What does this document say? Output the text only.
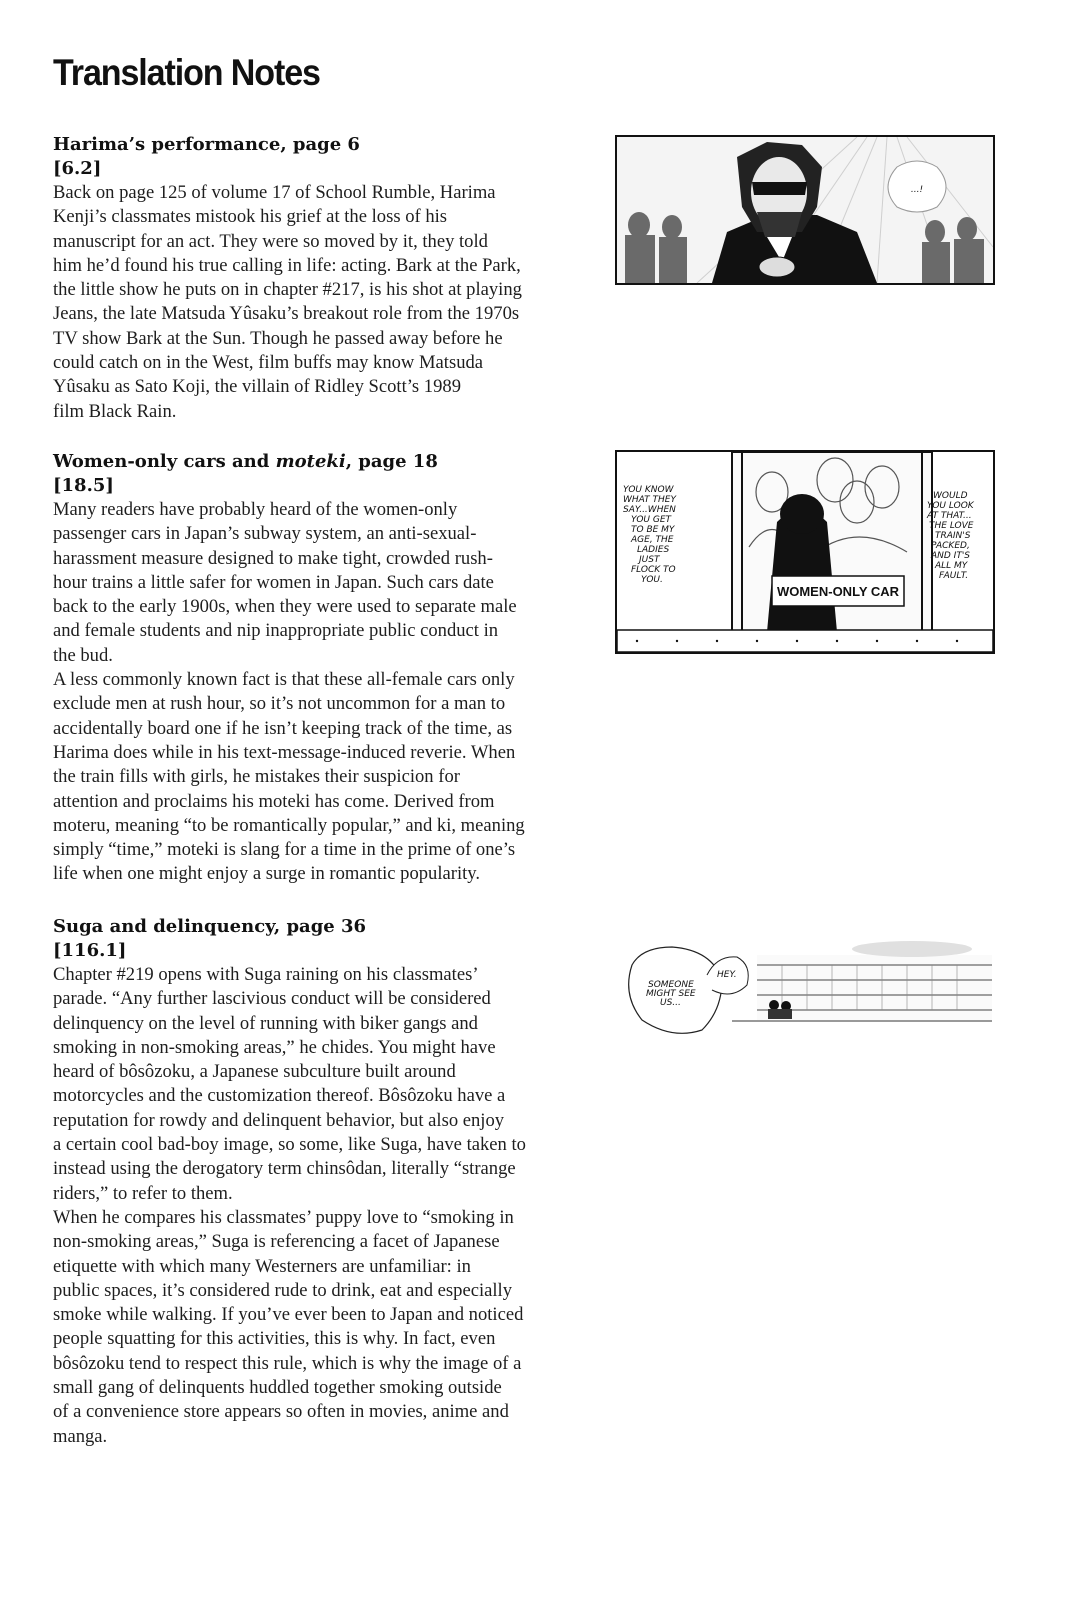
Translation Notes
Harima’s performance, page 6
[6.2]

Back on page 125 of volume 17 of School Rumble, Harima
Kenji’s classmates mistook his grief at the loss of his
manuscript for an act. They were so moved by it, they told
him he’d found his true calling in life: acting. Bark at the Park,
the little show he puts on in chapter #217, is his shot at playing
Jeans, the late Matsuda Yûsaku’s breakout role from the 1970s
TV show Bark at the Sun. Though he passed away before he
could catch on in the West, film buffs may know Matsuda
Yûsaku as Sato Koji, the villain of Ridley Scott’s 1989
film Black Rain.

...!
Women-only cars and moteki, page 18
[18.5]

Many readers have probably heard of the women-only
passenger cars in Japan’s subway system, an anti-sexual-
harassment measure designed to make tight, crowded rush-
hour trains a little safer for women in Japan. Such cars date
back to the early 1900s, when they were used to separate male
and female students and nip inappropriate public conduct in
the bud.
A less commonly known fact is that these all-female cars only
exclude men at rush hour, so it’s not uncommon for a man to
accidentally board one if he isn’t keeping track of the time, as
Harima does while in his text-message-induced reverie. When
the train fills with girls, he mistakes their suspicion for
attention and proclaims his moteki has come. Derived from
moteru, meaning “to be romantically popular,” and ki, meaning
simply “time,” moteki is slang for a time in the prime of one’s
life when one might enjoy a surge in romantic popularity.

WOMEN-ONLY CAR
YOU KNOW
WHAT THEY
SAY...WHEN
YOU GET
TO BE MY
AGE, THE
LADIES
JUST
FLOCK TO
YOU.
WOULD
YOU LOOK
AT THAT...
THE LOVE
TRAIN'S
PACKED,
AND IT'S
ALL MY
FAULT.
Suga and delinquency, page 36
[116.1]

Chapter #219 opens with Suga raining on his classmates’
parade. “Any further lascivious conduct will be considered
delinquency on the level of running with biker gangs and
smoking in non-smoking areas,” he chides. You might have
heard of bôsôzoku, a Japanese subculture built around
motorcycles and the customization thereof. Bôsôzoku have a
reputation for rowdy and delinquent behavior, but also enjoy
a certain cool bad-boy image, so some, like Suga, have taken to
instead using the derogatory term chinsôdan, literally “strange
riders,” to refer to them.
When he compares his classmates’ puppy love to “smoking in
non-smoking areas,” Suga is referencing a facet of Japanese
etiquette with which many Westerners are unfamiliar: in
public spaces, it’s considered rude to drink, eat and especially
smoke while walking. If you’ve ever been to Japan and noticed
people squatting for this activities, this is why. In fact, even
bôsôzoku tend to respect this rule, which is why the image of a
small gang of delinquents huddled together smoking outside
of a convenience store appears so often in movies, anime and
manga.

SOMEONE
MIGHT SEE
US...
HEY.
